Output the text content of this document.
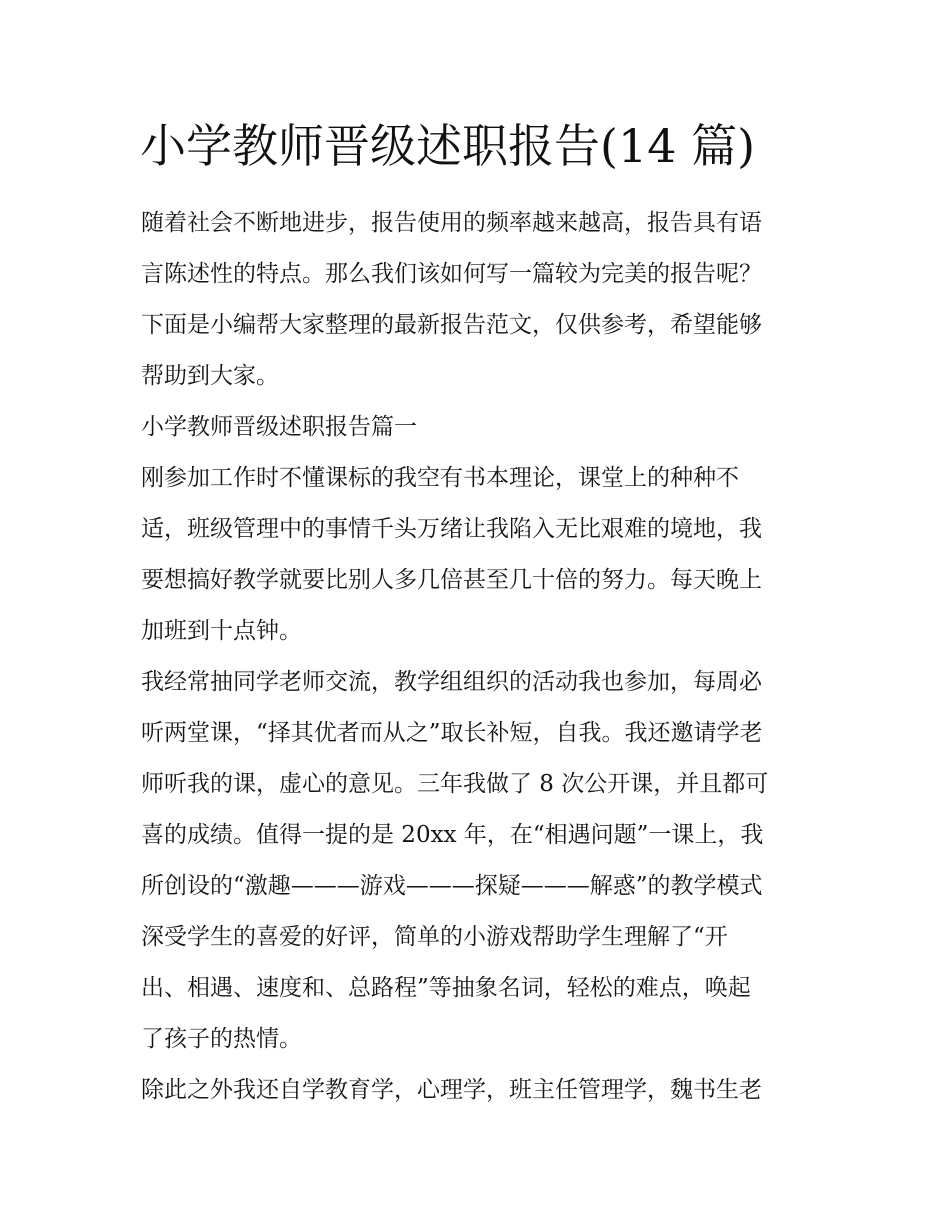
小学教师晋级述职报告(14 篇)
随着社会不断地进步，报告使用的频率越来越高，报告具有语
言陈述性的特点。那么我们该如何写一篇较为完美的报告呢？
下面是小编帮大家整理的最新报告范文，仅供参考，希望能够
帮助到大家。
小学教师晋级述职报告篇一
刚参加工作时不懂课标的我空有书本理论，课堂上的种种不
适，班级管理中的事情千头万绪让我陷入无比艰难的境地，我
要想搞好教学就要比别人多几倍甚至几十倍的努力。每天晚上
加班到十点钟。
我经常抽同学老师交流，教学组组织的活动我也参加，每周必
听两堂课，“择其优者而从之”取长补短，自我。我还邀请学老
师听我的课，虚心的意见。三年我做了 8 次公开课，并且都可
喜的成绩。值得一提的是 20xx 年，在“相遇问题”一课上，我
所创设的“激趣———游戏———探疑———解惑”的教学模式
深受学生的喜爱的好评，简单的小游戏帮助学生理解了“开
出、相遇、速度和、总路程”等抽象名词，轻松的难点，唤起
了孩子的热情。
除此之外我还自学教育学，心理学，班主任管理学，魏书生老
